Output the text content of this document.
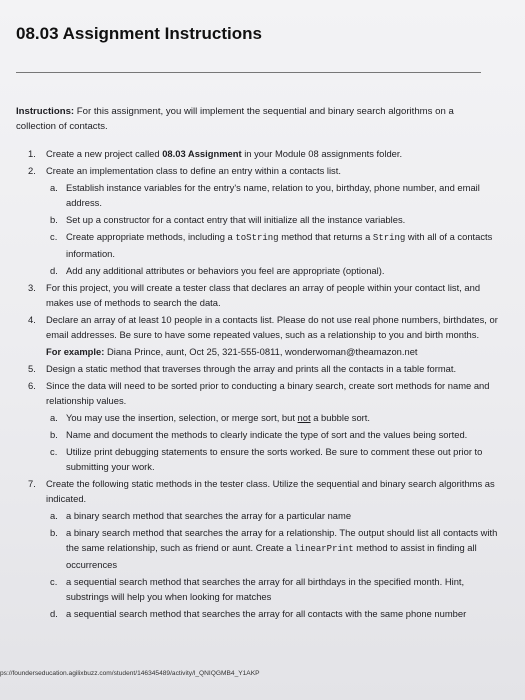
08.03 Assignment Instructions
Instructions: For this assignment, you will implement the sequential and binary search algorithms on a collection of contacts.
1.	Create a new project called 08.03 Assignment in your Module 08 assignments folder.
2.	Create an implementation class to define an entry within a contacts list.
a. Establish instance variables for the entry's name, relation to you, birthday, phone number, and email address.
b. Set up a constructor for a contact entry that will initialize all the instance variables.
c. Create appropriate methods, including a toString method that returns a String with all of a contacts information.
d. Add any additional attributes or behaviors you feel are appropriate (optional).
3.	For this project, you will create a tester class that declares an array of people within your contact list, and makes use of methods to search the data.
4.	Declare an array of at least 10 people in a contacts list. Please do not use real phone numbers, birthdates, or email addresses. Be sure to have some repeated values, such as a relationship to you and birth months.
For example: Diana Prince, aunt, Oct 25, 321-555-0811, wonderwoman@theamazon.net
5.	Design a static method that traverses through the array and prints all the contacts in a table format.
6.	Since the data will need to be sorted prior to conducting a binary search, create sort methods for name and relationship values.
a. You may use the insertion, selection, or merge sort, but not a bubble sort.
b. Name and document the methods to clearly indicate the type of sort and the values being sorted.
c. Utilize print debugging statements to ensure the sorts worked. Be sure to comment these out prior to submitting your work.
7.	Create the following static methods in the tester class. Utilize the sequential and binary search algorithms as indicated.
a. a binary search method that searches the array for a particular name
b. a binary search method that searches the array for a relationship. The output should list all contacts with the same relationship, such as friend or aunt. Create a linearPrint method to assist in finding all occurrences
c. a sequential search method that searches the array for all birthdays in the specified month. Hint, substrings will help you when looking for matches
d. a sequential search method that searches the array for all contacts with the same phone number
ps://founderseducation.agilixbuzz.com/student/146345489/activity/l_QNIQGMB4_Y1AKP
